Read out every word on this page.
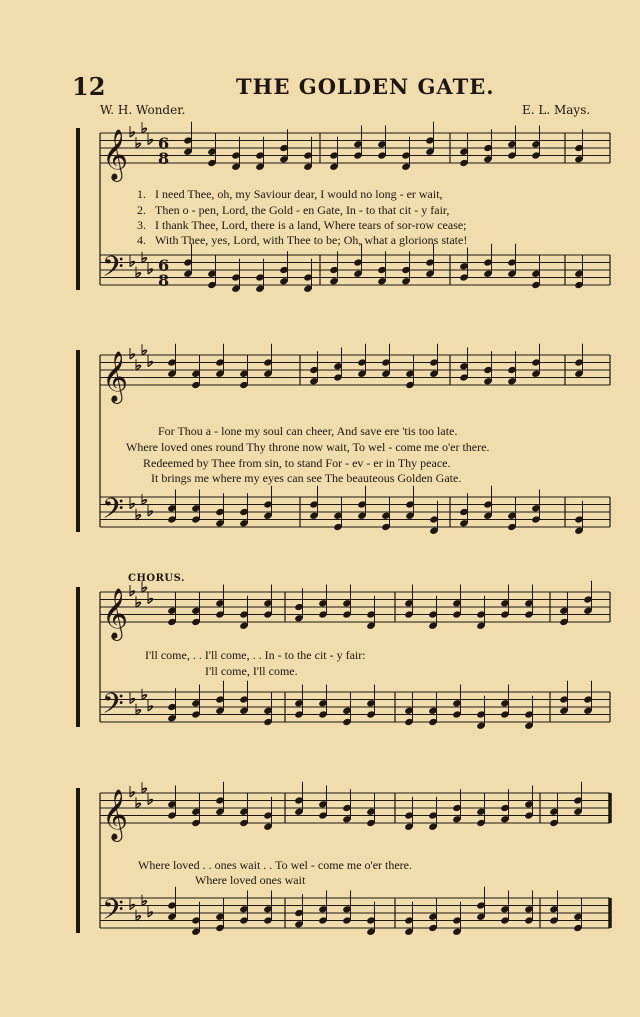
12	THE GOLDEN GATE.
W. H. Wonder.	E. L. Mays.
𝄞
𝄢
6
8
6
8
𝄞
𝄢
𝄞
𝄢
𝄞
𝄢
1. I need Thee, oh, my Saviour dear, I would no long - er wait,
2. Then o - pen, Lord, the Gold - en Gate, In - to that cit - y fair,
3. I thank Thee, Lord, there is a land, Where tears of sor-row cease;
4. With Thee, yes, Lord, with Thee to be; Oh, what a glorions state!
For Thou a - lone my soul can cheer, And save ere 'tis too late.
Where loved ones round Thy throne now wait, To wel - come me o'er there.
Redeemed by Thee from sin, to stand For - ev - er in Thy peace.
It brings me where my eyes can see The beauteous Golden Gate.
CHORUS.
I'll come, . . I'll come, . . In - to the cit - y fair:
I'll come, I'll come.
Where loved . . ones wait . . To wel - come me o'er there.
Where loved ones wait
